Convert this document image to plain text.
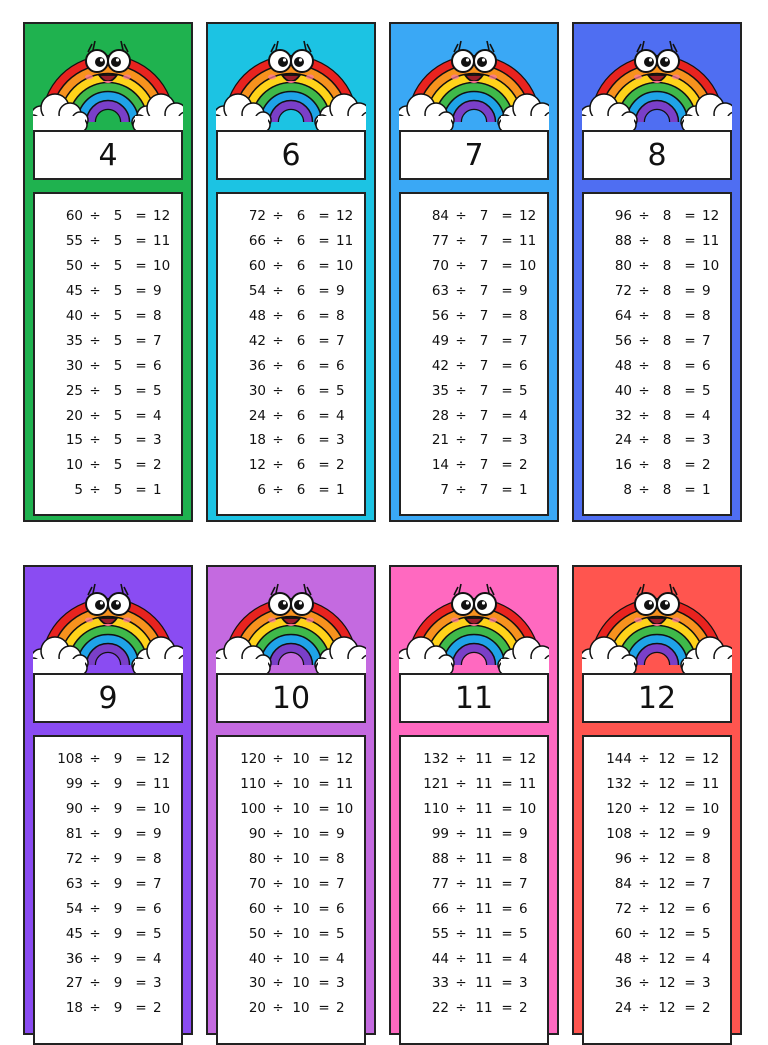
4
60 ÷ 5 = 12
55 ÷ 5 = 11
50 ÷ 5 = 10
45 ÷ 5 = 9
40 ÷ 5 = 8
35 ÷ 5 = 7
30 ÷ 5 = 6
25 ÷ 5 = 5
20 ÷ 5 = 4
15 ÷ 5 = 3
10 ÷ 5 = 2
5 ÷ 5 = 1
6
72 ÷ 6 = 12
66 ÷ 6 = 11
60 ÷ 6 = 10
54 ÷ 6 = 9
48 ÷ 6 = 8
42 ÷ 6 = 7
36 ÷ 6 = 6
30 ÷ 6 = 5
24 ÷ 6 = 4
18 ÷ 6 = 3
12 ÷ 6 = 2
6 ÷ 6 = 1
7
84 ÷ 7 = 12
77 ÷ 7 = 11
70 ÷ 7 = 10
63 ÷ 7 = 9
56 ÷ 7 = 8
49 ÷ 7 = 7
42 ÷ 7 = 6
35 ÷ 7 = 5
28 ÷ 7 = 4
21 ÷ 7 = 3
14 ÷ 7 = 2
7 ÷ 7 = 1
8
96 ÷ 8 = 12
88 ÷ 8 = 11
80 ÷ 8 = 10
72 ÷ 8 = 9
64 ÷ 8 = 8
56 ÷ 8 = 7
48 ÷ 8 = 6
40 ÷ 8 = 5
32 ÷ 8 = 4
24 ÷ 8 = 3
16 ÷ 8 = 2
8 ÷ 8 = 1
9
108 ÷ 9 = 12
99 ÷ 9 = 11
90 ÷ 9 = 10
81 ÷ 9 = 9
72 ÷ 9 = 8
63 ÷ 9 = 7
54 ÷ 9 = 6
45 ÷ 9 = 5
36 ÷ 9 = 4
27 ÷ 9 = 3
18 ÷ 9 = 2
10
120 ÷ 10 = 12
110 ÷ 10 = 11
100 ÷ 10 = 10
90 ÷ 10 = 9
80 ÷ 10 = 8
70 ÷ 10 = 7
60 ÷ 10 = 6
50 ÷ 10 = 5
40 ÷ 10 = 4
30 ÷ 10 = 3
20 ÷ 10 = 2
11
132 ÷ 11 = 12
121 ÷ 11 = 11
110 ÷ 11 = 10
99 ÷ 11 = 9
88 ÷ 11 = 8
77 ÷ 11 = 7
66 ÷ 11 = 6
55 ÷ 11 = 5
44 ÷ 11 = 4
33 ÷ 11 = 3
22 ÷ 11 = 2
12
144 ÷ 12 = 12
132 ÷ 12 = 11
120 ÷ 12 = 10
108 ÷ 12 = 9
96 ÷ 12 = 8
84 ÷ 12 = 7
72 ÷ 12 = 6
60 ÷ 12 = 5
48 ÷ 12 = 4
36 ÷ 12 = 3
24 ÷ 12 = 2
